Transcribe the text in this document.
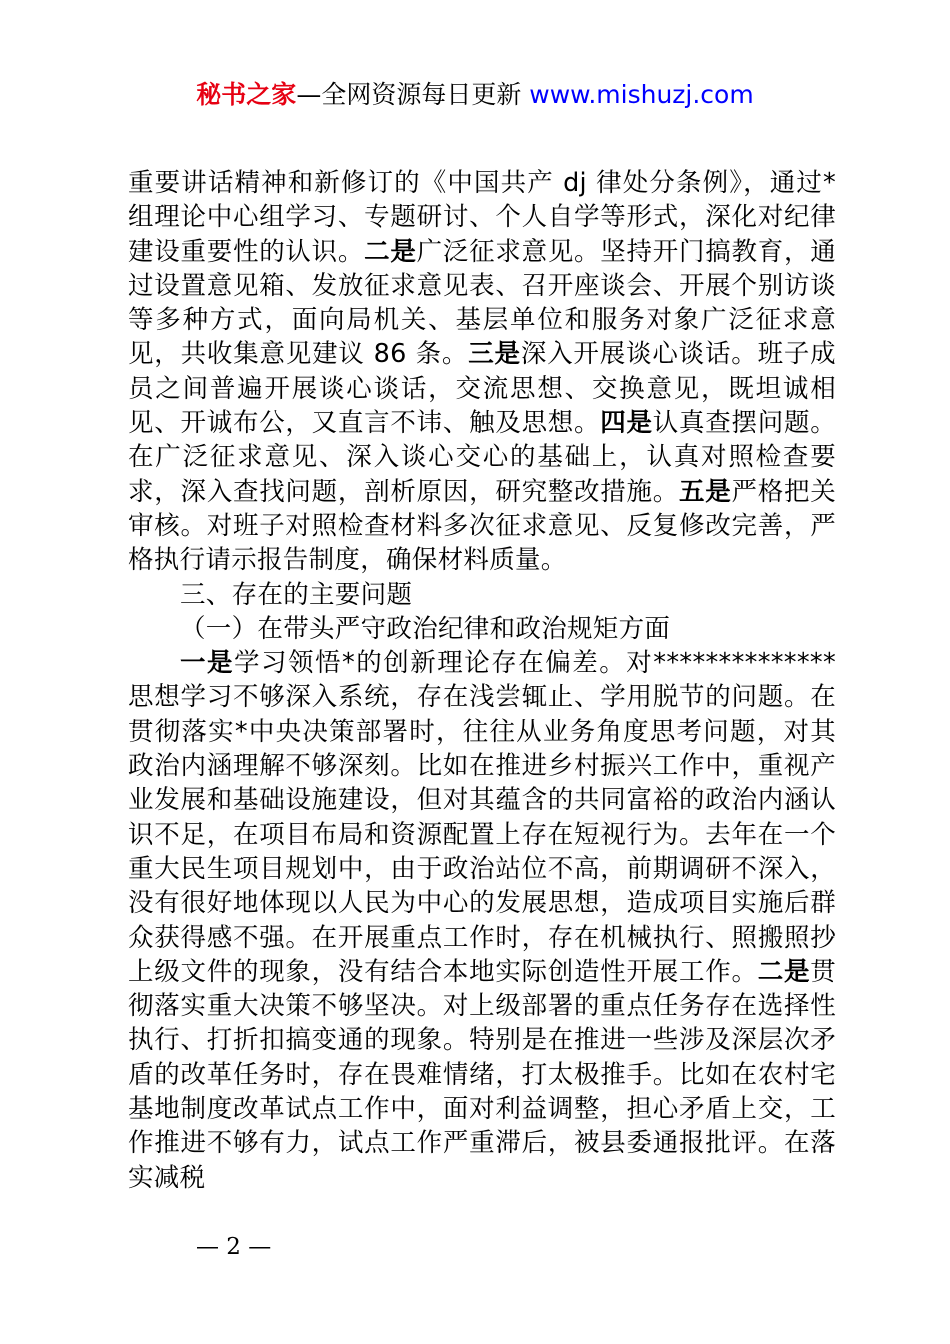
秘书之家—全网资源每日更新 www.mishuzj.com

重要讲话精神和新修订的《中国共产 dj 律处分条例》，通过*组理论中心组学习、专题研讨、个人自学等形式，深化对纪律建设重要性的认识。二是广泛征求意见。坚持开门搞教育，通过设置意见箱、发放征求意见表、召开座谈会、开展个别访谈等多种方式，面向局机关、基层单位和服务对象广泛征求意见，共收集意见建议 86 条。三是深入开展谈心谈话。班子成员之间普遍开展谈心谈话，交流思想、交换意见，既坦诚相见、开诚布公，又直言不讳、触及思想。四是认真查摆问题。在广泛征求意见、深入谈心交心的基础上，认真对照检查要求，深入查找问题，剖析原因，研究整改措施。五是严格把关审核。对班子对照检查材料多次征求意见、反复修改完善，严格执行请示报告制度，确保材料质量。

三、存在的主要问题

（一）在带头严守政治纪律和政治规矩方面

一是学习领悟*的创新理论存在偏差。对**************思想学习不够深入系统，存在浅尝辄止、学用脱节的问题。在贯彻落实*中央决策部署时，往往从业务角度思考问题，对其政治内涵理解不够深刻。比如在推进乡村振兴工作中，重视产业发展和基础设施建设，但对其蕴含的共同富裕的政治内涵认识不足，在项目布局和资源配置上存在短视行为。去年在一个重大民生项目规划中，由于政治站位不高，前期调研不深入，没有很好地体现以人民为中心的发展思想，造成项目实施后群众获得感不强。在开展重点工作时，存在机械执行、照搬照抄上级文件的现象，没有结合本地实际创造性开展工作。二是贯彻落实重大决策不够坚决。对上级部署的重点任务存在选择性执行、打折扣搞变通的现象。特别是在推进一些涉及深层次矛盾的改革任务时，存在畏难情绪，打太极推手。比如在农村宅基地制度改革试点工作中，面对利益调整，担心矛盾上交，工作推进不够有力，试点工作严重滞后，被县委通报批评。在落实减税

— 2 —
